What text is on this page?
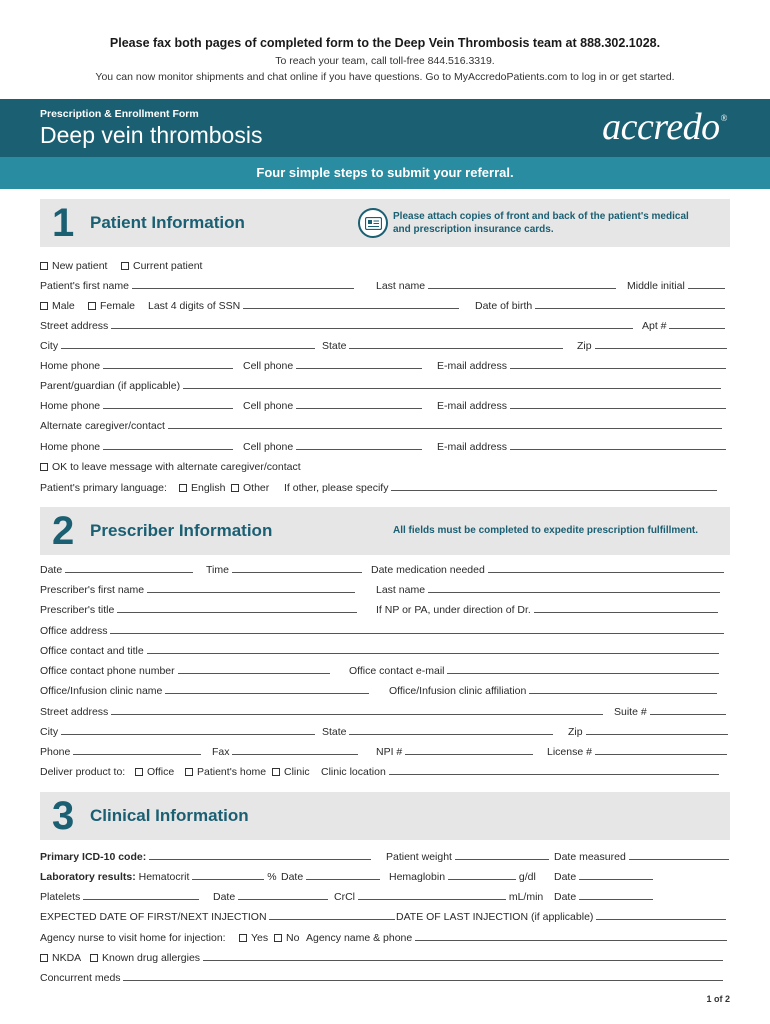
Please fax both pages of completed form to the Deep Vein Thrombosis team at 888.302.1028.
To reach your team, call toll-free 844.516.3319.
You can now monitor shipments and chat online if you have questions. Go to MyAccredoPatients.com to log in or get started.
Prescription & Enrollment Form
Deep vein thrombosis	accredo®
Four simple steps to submit your referral.
1 Patient Information	Please attach copies of front and back of the patient's medical
and prescription insurance cards.
New patient	Current patient
Patient's first name	Last name	Middle initial
Male	Female Last 4 digits of SSN	Date of birth
Street address	Apt #
City	State	Zip
Home phone	Cell phone	E-mail address
Parent/guardian (if applicable)
Home phone	Cell phone	E-mail address
Alternate caregiver/contact
Home phone	Cell phone	E-mail address
OK to leave message with alternate caregiver/contact
Patient's primary language:	English	Other If other, please specify
2 Prescriber Information	All fields must be completed to expedite prescription fulfillment.
Date	Time	Date medication needed
Prescriber's first name	Last name
Prescriber's title	If NP or PA, under direction of Dr.
Office address
Office contact and title
Office contact phone number	Office contact e-mail
Office/Infusion clinic name	Office/Infusion clinic affiliation
Street address	Suite #
City	State	Zip
Phone	Fax	NPI #	License #
Deliver product to:	Office	Patient's home	Clinic Clinic location
3 Clinical Information
Primary ICD-10 code:	Patient weight	Date measured
Laboratory results: Hematocrit	% Date	Hemaglobin	g/dl Date
Platelets	Date	CrCl	mL/min Date
EXPECTED DATE OF FIRST/NEXT INJECTION	DATE OF LAST INJECTION (if applicable)
Agency nurse to visit home for injection:	Yes	No Agency name & phone
NKDA	Known drug allergies
Concurrent meds
1 of 2
